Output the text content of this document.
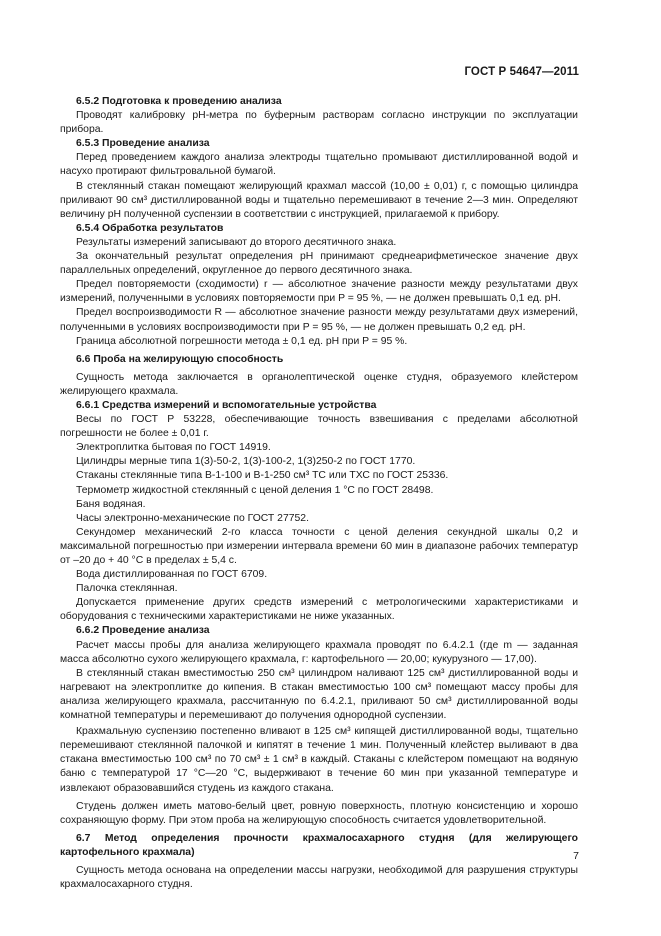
ГОСТ Р 54647—2011

6.5.2 Подготовка к проведению анализа

Проводят калибровку рН-метра по буферным растворам согласно инструкции по эксплуатации прибора.

6.5.3 Проведение анализа

Перед проведением каждого анализа электроды тщательно промывают дистиллированной водой и насухо протирают фильтровальной бумагой.

В стеклянный стакан помещают желирующий крахмал массой (10,00 ± 0,01) г, с помощью цилиндра приливают 90 см³ дистиллированной воды и тщательно перемешивают в течение 2—3 мин. Определяют величину рН полученной суспензии в соответствии с инструкцией, прилагаемой к прибору.

6.5.4 Обработка результатов

Результаты измерений записывают до второго десятичного знака.

За окончательный результат определения рН принимают среднеарифметическое значение двух параллельных определений, округленное до первого десятичного знака.

Предел повторяемости (сходимости) r — абсолютное значение разности между результатами двух измерений, полученными в условиях повторяемости при P = 95 %, — не должен превышать 0,1 ед. рН.

Предел воспроизводимости R — абсолютное значение разности между результатами двух измерений, полученными в условиях воспроизводимости при P = 95 %, — не должен превышать 0,2 ед. рН.

Граница абсолютной погрешности метода ± 0,1 ед. рН при P = 95 %.

6.6 Проба на желирующую способность

Сущность метода заключается в органолептической оценке студня, образуемого клейстером желирующего крахмала.

6.6.1 Средства измерений и вспомогательные устройства

Весы по ГОСТ Р 53228, обеспечивающие точность взвешивания с пределами абсолютной погрешности не более ± 0,01 г.

Электроплитка бытовая по ГОСТ 14919.

Цилиндры мерные типа 1(3)-50-2, 1(3)-100-2, 1(3)250-2 по ГОСТ 1770.

Стаканы стеклянные типа В-1-100 и В-1-250 см³ ТС или ТХС по ГОСТ 25336.

Термометр жидкостной стеклянный с ценой деления 1 °С по ГОСТ 28498.

Баня водяная.

Часы электронно-механические по ГОСТ 27752.

Секундомер механический 2-го класса точности с ценой деления секундной шкалы 0,2 и максимальной погрешностью при измерении интервала времени 60 мин в диапазоне рабочих температур от –20 до + 40 °С в пределах ± 5,4 с.

Вода дистиллированная по ГОСТ 6709.

Палочка стеклянная.

Допускается применение других средств измерений с метрологическими характеристиками и оборудования с техническими характеристиками не ниже указанных.

6.6.2 Проведение анализа

Расчет массы пробы для анализа желирующего крахмала проводят по 6.4.2.1 (где m — заданная масса абсолютно сухого желирующего крахмала, г: картофельного — 20,00; кукурузного — 17,00).

В стеклянный стакан вместимостью 250 см³ цилиндром наливают 125 см³ дистиллированной воды и нагревают на электроплитке до кипения. В стакан вместимостью 100 см³ помещают массу пробы для анализа желирующего крахмала, рассчитанную по 6.4.2.1, приливают 50 см³ дистиллированной воды комнатной температуры и перемешивают до получения однородной суспензии.

Крахмальную суспензию постепенно вливают в 125 см³ кипящей дистиллированной воды, тщательно перемешивают стеклянной палочкой и кипятят в течение 1 мин. Полученный клейстер выливают в два стакана вместимостью 100 см³ по 70 см³ ± 1 см³ в каждый. Стаканы с клейстером помещают на водяную баню с температурой 17 °С—20 °С, выдерживают в течение 60 мин при указанной температуре и извлекают образовавшийся студень из каждого стакана.

Студень должен иметь матово-белый цвет, ровную поверхность, плотную консистенцию и хорошо сохраняющую форму. При этом проба на желирующую способность считается удовлетворительной.

6.7 Метод определения прочности крахмалосахарного студня (для желирующего картофельного крахмала)

Сущность метода основана на определении массы нагрузки, необходимой для разрушения структуры крахмалосахарного студня.

7
